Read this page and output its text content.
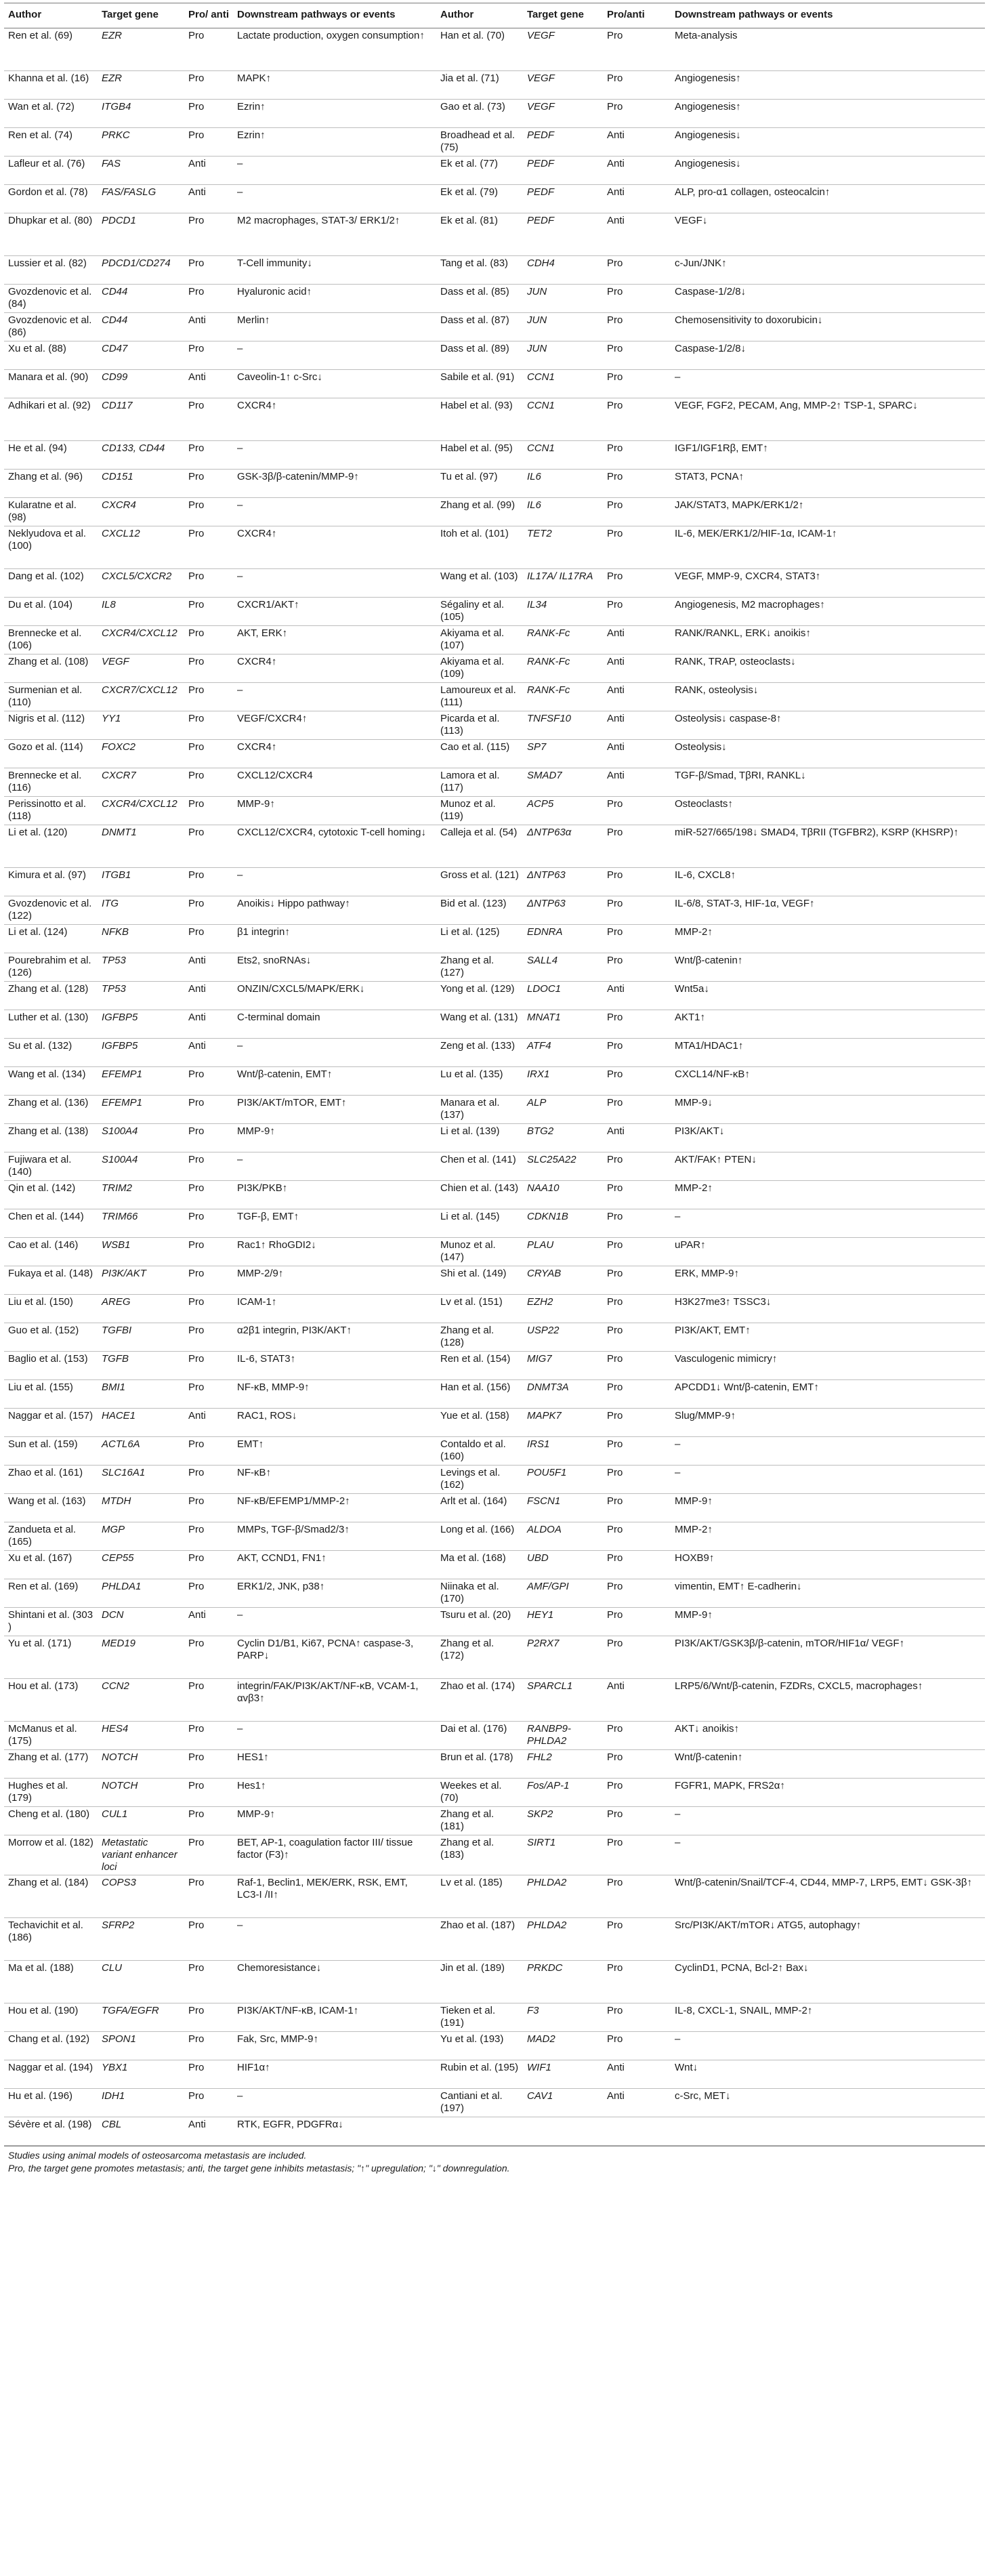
Author	Target gene	Pro/ anti	Downstream pathways or events	Author	Target gene	Pro/anti	Downstream pathways or events
Ren et al. (69)	EZR	Pro	Lactate production, oxygen consumption↑	Han et al. (70)	VEGF	Pro	Meta-analysis
Khanna et al. (16)	EZR	Pro	MAPK↑	Jia et al. (71)	VEGF	Pro	Angiogenesis↑
Wan et al. (72)	ITGB4	Pro	Ezrin↑	Gao et al. (73)	VEGF	Pro	Angiogenesis↑
Ren et al. (74)	PRKC	Pro	Ezrin↑	Broadhead et al. (75)	PEDF	Anti	Angiogenesis↓
Lafleur et al. (76)	FAS	Anti	–	Ek et al. (77)	PEDF	Anti	Angiogenesis↓
Gordon et al. (78)	FAS/FASLG	Anti	–	Ek et al. (79)	PEDF	Anti	ALP, pro-α1 collagen, osteocalcin↑
Dhupkar et al. (80)	PDCD1	Pro	M2 macrophages, STAT-3/ ERK1/2↑	Ek et al. (81)	PEDF	Anti	VEGF↓
Lussier et al. (82)	PDCD1/CD274	Pro	T-Cell immunity↓	Tang et al. (83)	CDH4	Pro	c-Jun/JNK↑
Gvozdenovic et al. (84)	CD44	Pro	Hyaluronic acid↑	Dass et al. (85)	JUN	Pro	Caspase-1/2/8↓
Gvozdenovic et al. (86)	CD44	Anti	Merlin↑	Dass et al. (87)	JUN	Pro	Chemosensitivity to doxorubicin↓
Xu et al. (88)	CD47	Pro	–	Dass et al. (89)	JUN	Pro	Caspase-1/2/8↓
Manara et al. (90)	CD99	Anti	Caveolin-1↑ c-Src↓	Sabile et al. (91)	CCN1	Pro	–
Adhikari et al. (92)	CD117	Pro	CXCR4↑	Habel et al. (93)	CCN1	Pro	VEGF, FGF2, PECAM, Ang, MMP-2↑ TSP-1, SPARC↓
He et al. (94)	CD133, CD44	Pro	–	Habel et al. (95)	CCN1	Pro	IGF1/IGF1Rβ, EMT↑
Zhang et al. (96)	CD151	Pro	GSK-3β/β-catenin/MMP-9↑	Tu et al. (97)	IL6	Pro	STAT3, PCNA↑
Kularatne et al. (98)	CXCR4	Pro	–	Zhang et al. (99)	IL6	Pro	JAK/STAT3, MAPK/ERK1/2↑
Neklyudova et al. (100)	CXCL12	Pro	CXCR4↑	Itoh et al. (101)	TET2	Pro	IL-6, MEK/ERK1/2/HIF-1α, ICAM-1↑
Dang et al. (102)	CXCL5/CXCR2	Pro	–	Wang et al. (103)	IL17A/ IL17RA	Pro	VEGF, MMP-9, CXCR4, STAT3↑
Du et al. (104)	IL8	Pro	CXCR1/AKT↑	Ségaliny et al. (105)	IL34	Pro	Angiogenesis, M2 macrophages↑
Brennecke et al. (106)	CXCR4/CXCL12	Pro	AKT, ERK↑	Akiyama et al. (107)	RANK-Fc	Anti	RANK/RANKL, ERK↓ anoikis↑
Zhang et al. (108)	VEGF	Pro	CXCR4↑	Akiyama et al. (109)	RANK-Fc	Anti	RANK, TRAP, osteoclasts↓
Surmenian et al. (110)	CXCR7/CXCL12	Pro	–	Lamoureux et al. (111)	RANK-Fc	Anti	RANK, osteolysis↓
Nigris et al. (112)	YY1	Pro	VEGF/CXCR4↑	Picarda et al. (113)	TNFSF10	Anti	Osteolysis↓ caspase-8↑
Gozo et al. (114)	FOXC2	Pro	CXCR4↑	Cao et al. (115)	SP7	Anti	Osteolysis↓
Brennecke et al. (116)	CXCR7	Pro	CXCL12/CXCR4	Lamora et al. (117)	SMAD7	Anti	TGF-β/Smad, TβRI, RANKL↓
Perissinotto et al. (118)	CXCR4/CXCL12	Pro	MMP-9↑	Munoz et al. (119)	ACP5	Pro	Osteoclasts↑
Li et al. (120)	DNMT1	Pro	CXCL12/CXCR4, cytotoxic T-cell homing↓	Calleja et al. (54)	ΔNTP63α	Pro	miR-527/665/198↓ SMAD4, TβRII (TGFBR2), KSRP (KHSRP)↑
Kimura et al. (97)	ITGB1	Pro	–	Gross et al. (121)	ΔNTP63	Pro	IL-6, CXCL8↑
Gvozdenovic et al. (122)	ITG	Pro	Anoikis↓ Hippo pathway↑	Bid et al. (123)	ΔNTP63	Pro	IL-6/8, STAT-3, HIF-1α, VEGF↑
Li et al. (124)	NFKB	Pro	β1 integrin↑	Li et al. (125)	EDNRA	Pro	MMP-2↑
Pourebrahim et al. (126)	TP53	Anti	Ets2, snoRNAs↓	Zhang et al. (127)	SALL4	Pro	Wnt/β-catenin↑
Zhang et al. (128)	TP53	Anti	ONZIN/CXCL5/MAPK/ERK↓	Yong et al. (129)	LDOC1	Anti	Wnt5a↓
Luther et al. (130)	IGFBP5	Anti	C-terminal domain	Wang et al. (131)	MNAT1	Pro	AKT1↑
Su et al. (132)	IGFBP5	Anti	–	Zeng et al. (133)	ATF4	Pro	MTA1/HDAC1↑
Wang et al. (134)	EFEMP1	Pro	Wnt/β-catenin, EMT↑	Lu et al. (135)	IRX1	Pro	CXCL14/NF-κB↑
Zhang et al. (136)	EFEMP1	Pro	PI3K/AKT/mTOR, EMT↑	Manara et al. (137)	ALP	Pro	MMP-9↓
Zhang et al. (138)	S100A4	Pro	MMP-9↑	Li et al. (139)	BTG2	Anti	PI3K/AKT↓
Fujiwara et al. (140)	S100A4	Pro	–	Chen et al. (141)	SLC25A22	Pro	AKT/FAK↑ PTEN↓
Qin et al. (142)	TRIM2	Pro	PI3K/PKB↑	Chien et al. (143)	NAA10	Pro	MMP-2↑
Chen et al. (144)	TRIM66	Pro	TGF-β, EMT↑	Li et al. (145)	CDKN1B	Pro	–
Cao et al. (146)	WSB1	Pro	Rac1↑ RhoGDI2↓	Munoz et al. (147)	PLAU	Pro	uPAR↑
Fukaya et al. (148)	PI3K/AKT	Pro	MMP-2/9↑	Shi et al. (149)	CRYAB	Pro	ERK, MMP-9↑
Liu et al. (150)	AREG	Pro	ICAM-1↑	Lv et al. (151)	EZH2	Pro	H3K27me3↑ TSSC3↓
Guo et al. (152)	TGFBI	Pro	α2β1 integrin, PI3K/AKT↑	Zhang et al. (128)	USP22	Pro	PI3K/AKT, EMT↑
Baglio et al. (153)	TGFB	Pro	IL-6, STAT3↑	Ren et al. (154)	MIG7	Pro	Vasculogenic mimicry↑
Liu et al. (155)	BMI1	Pro	NF-κB, MMP-9↑	Han et al. (156)	DNMT3A	Pro	APCDD1↓ Wnt/β-catenin, EMT↑
Naggar et al. (157)	HACE1	Anti	RAC1, ROS↓	Yue et al. (158)	MAPK7	Pro	Slug/MMP-9↑
Sun et al. (159)	ACTL6A	Pro	EMT↑	Contaldo et al. (160)	IRS1	Pro	–
Zhao et al. (161)	SLC16A1	Pro	NF-κB↑	Levings et al. (162)	POU5F1	Pro	–
Wang et al. (163)	MTDH	Pro	NF-κB/EFEMP1/MMP-2↑	Arlt et al. (164)	FSCN1	Pro	MMP-9↑
Zandueta et al. (165)	MGP	Pro	MMPs, TGF-β/Smad2/3↑	Long et al. (166)	ALDOA	Pro	MMP-2↑
Xu et al. (167)	CEP55	Pro	AKT, CCND1, FN1↑	Ma et al. (168)	UBD	Pro	HOXB9↑
Ren et al. (169)	PHLDA1	Pro	ERK1/2, JNK, p38↑	Niinaka et al. (170)	AMF/GPI	Pro	vimentin, EMT↑ E-cadherin↓
Shintani et al. (303 )	DCN	Anti	–	Tsuru et al. (20)	HEY1	Pro	MMP-9↑
Yu et al. (171)	MED19	Pro	Cyclin D1/B1, Ki67, PCNA↑ caspase-3, PARP↓	Zhang et al. (172)	P2RX7	Pro	PI3K/AKT/GSK3β/β-catenin, mTOR/HIF1α/ VEGF↑
Hou et al. (173)	CCN2	Pro	integrin/FAK/PI3K/AKT/NF-κB, VCAM-1, αvβ3↑	Zhao et al. (174)	SPARCL1	Anti	LRP5/6/Wnt/β-catenin, FZDRs, CXCL5, macrophages↑
McManus et al. (175)	HES4	Pro	–	Dai et al. (176)	RANBP9-PHLDA2	Pro	AKT↓ anoikis↑
Zhang et al. (177)	NOTCH	Pro	HES1↑	Brun et al. (178)	FHL2	Pro	Wnt/β-catenin↑
Hughes et al. (179)	NOTCH	Pro	Hes1↑	Weekes et al. (70)	Fos/AP-1	Pro	FGFR1, MAPK, FRS2α↑
Cheng et al. (180)	CUL1	Pro	MMP-9↑	Zhang et al. (181)	SKP2	Pro	–
Morrow et al. (182)	Metastatic variant enhancer loci	Pro	BET, AP-1, coagulation factor III/ tissue factor (F3)↑	Zhang et al. (183)	SIRT1	Pro	–
Zhang et al. (184)	COPS3	Pro	Raf-1, Beclin1, MEK/ERK, RSK, EMT, LC3-I /II↑	Lv et al. (185)	PHLDA2	Pro	Wnt/β-catenin/Snail/TCF-4, CD44, MMP-7, LRP5, EMT↓ GSK-3β↑
Techavichit et al. (186)	SFRP2	Pro	–	Zhao et al. (187)	PHLDA2	Pro	Src/PI3K/AKT/mTOR↓ ATG5, autophagy↑
Ma et al. (188)	CLU	Pro	Chemoresistance↓	Jin et al. (189)	PRKDC	Pro	CyclinD1, PCNA, Bcl-2↑ Bax↓
Hou et al. (190)	TGFA/EGFR	Pro	PI3K/AKT/NF-κB, ICAM-1↑	Tieken et al. (191)	F3	Pro	IL-8, CXCL-1, SNAIL, MMP-2↑
Chang et al. (192)	SPON1	Pro	Fak, Src, MMP-9↑	Yu et al. (193)	MAD2	Pro	–
Naggar et al. (194)	YBX1	Pro	HIF1α↑	Rubin et al. (195)	WIF1	Anti	Wnt↓
Hu et al. (196)	IDH1	Pro	–	Cantiani et al. (197)	CAV1	Anti	c-Src, MET↓
Sévère et al. (198)	CBL	Anti	RTK, EGFR, PDGFRα↓				
Studies using animal models of osteosarcoma metastasis are included.
Pro, the target gene promotes metastasis; anti, the target gene inhibits metastasis; "↑" upregulation; "↓" downregulation.
